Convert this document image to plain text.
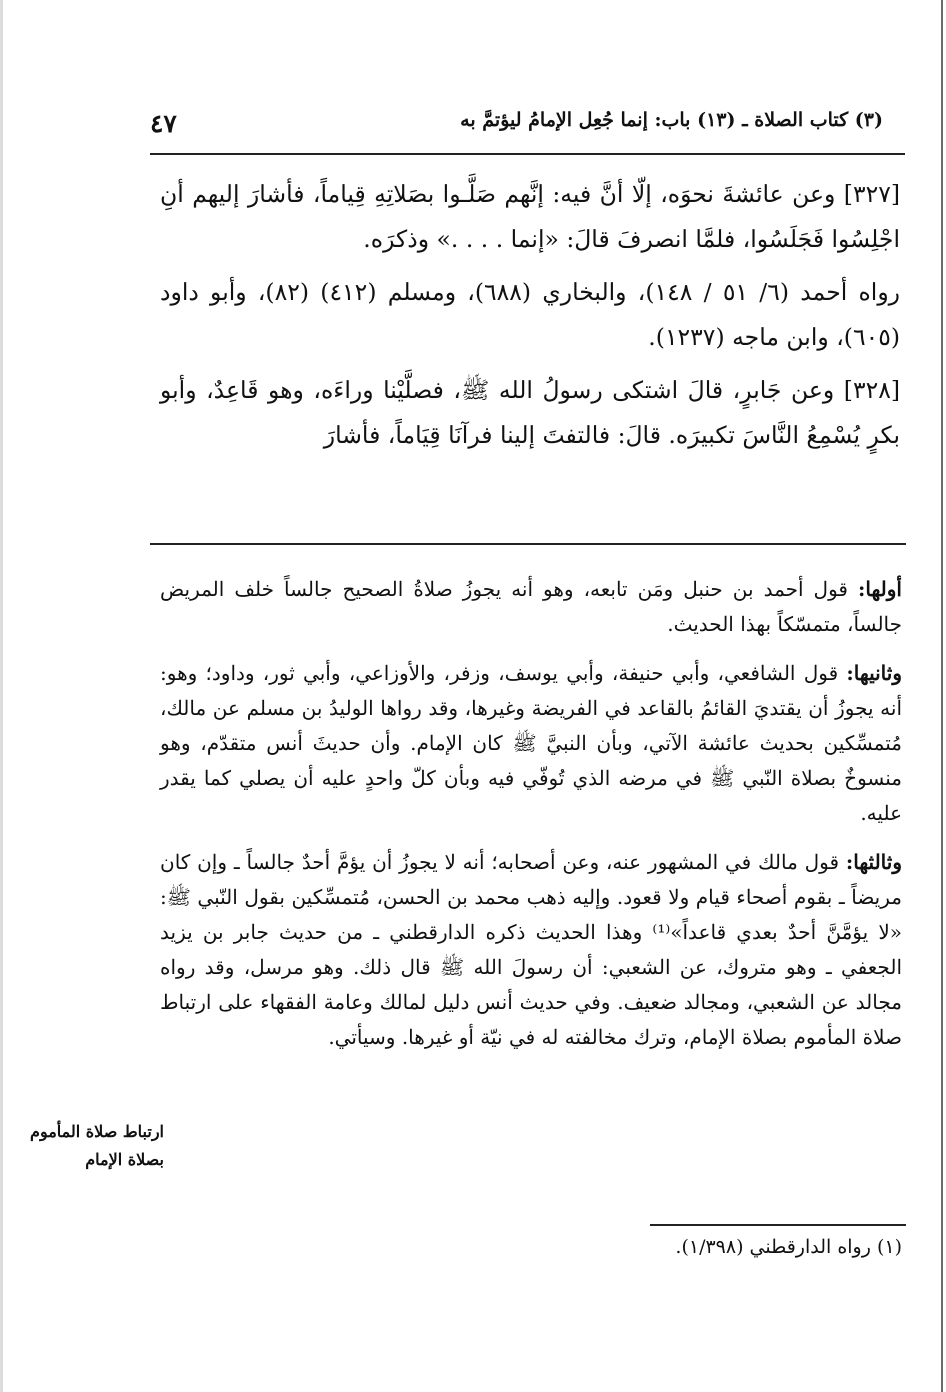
٤٧	(٣) كتاب الصلاة ـ (١٣) باب: إنما جُعِل الإمامُ ليؤتمَّ به

[٣٢٧] وعن عائشةَ نحوَه، إلّا أنَّ فيه: إنَّهم صَلَّـوا بصَلاتِهِ قِياماً، فأشارَ إليهم أنِ اجْلِسُوا فَجَلَسُوا، فلمَّا انصرفَ قالَ: «إنما . . . .» وذكرَه.

رواه أحمد (٦/ ٥١ / ١٤٨)، والبخاري (٦٨٨)، ومسلم (٤١٢) (٨٢)، وأبو داود (٦٠٥)، وابن ماجه (١٢٣٧).

[٣٢٨] وعن جَابرٍ، قالَ اشتكى رسولُ الله ﷺ، فصلَّيْنا وراءَه، وهو قَاعِدٌ، وأبو بكرٍ يُسْمِعُ النَّاسَ تكبيرَه. قالَ: فالتفتَ إلينا فرآنَا قِيَاماً، فأشارَ

أولها: قول أحمد بن حنبل ومَن تابعه، وهو أنه يجوزُ صلاةُ الصحيح جالساً خلف المريض جالساً، متمسّكاً بهذا الحديث.

وثانيها: قول الشافعي، وأبي حنيفة، وأبي يوسف، وزفر، والأوزاعي، وأبي ثور، وداود؛ وهو: أنه يجوزُ أن يقتديَ القائمُ بالقاعد في الفريضة وغيرها، وقد رواها الوليدُ بن مسلم عن مالك، مُتمسِّكين بحديث عائشة الآتي، وبأن النبيَّ ﷺ كان الإمام. وأن حديثَ أنس متقدّم، وهو منسوخٌ بصلاة النّبي ﷺ في مرضه الذي تُوفّي فيه وبأن كلّ واحدٍ عليه أن يصلي كما يقدر عليه.

وثالثها: قول مالك في المشهور عنه، وعن أصحابه؛ أنه لا يجوزُ أن يؤمَّ أحدٌ جالساً ـ وإن كان مريضاً ـ بقوم أصحاء قيام ولا قعود. وإليه ذهب محمد بن الحسن، مُتمسِّكين بقول النّبي ﷺ: «لا يؤمَّنَّ أحدٌ بعدي قاعداً»⁽¹⁾ وهذا الحديث ذكره الدارقطني ـ من حديث جابر بن يزيد الجعفي ـ وهو متروك، عن الشعبي: أن رسولَ الله ﷺ قال ذلك. وهو مرسل، وقد رواه مجالد عن الشعبي، ومجالد ضعيف. وفي حديث أنس دليل لمالك وعامة الفقهاء على ارتباط صلاة المأموم بصلاة الإمام، وترك مخالفته له في نيّة أو غيرها. وسيأتي.

ارتباط صلاة المأموم بصلاة الإمام
(١) رواه الدارقطني (١/٣٩٨).
